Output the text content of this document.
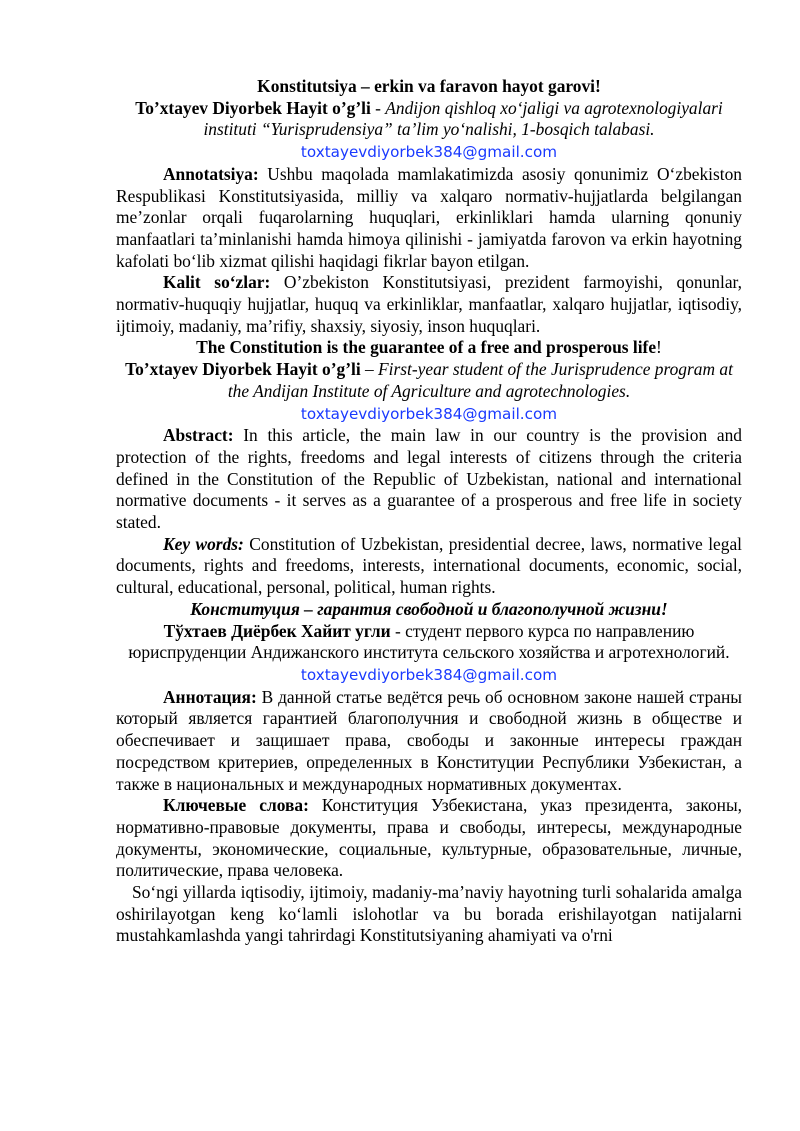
Konstitutsiya – erkin va faravon hayot garovi!

To’xtayev Diyorbek Hayit o’g’li - Andijon qishloq xo‘jaligi va agrotexnologiyalari instituti “Yurisprudensiya” ta’lim yo‘nalishi, 1-bosqich talabasi.

toxtayevdiyorbek384@gmail.com

Annotatsiya: Ushbu maqolada mamlakatimizda asosiy qonunimiz O‘zbekiston Respublikasi Konstitutsiyasida, milliy va xalqaro normativ-hujjatlarda belgilangan me’zonlar orqali fuqarolarning huquqlari, erkinliklari hamda ularning qonuniy manfaatlari ta’minlanishi hamda himoya qilinishi - jamiyatda farovon va erkin hayotning kafolati bo‘lib xizmat qilishi haqidagi fikrlar bayon etilgan.

Kalit so‘zlar: O’zbekiston Konstitutsiyasi, prezident farmoyishi, qonunlar, normativ-huquqiy hujjatlar, huquq va erkinliklar, manfaatlar, xalqaro hujjatlar, iqtisodiy, ijtimoiy, madaniy, ma’rifiy, shaxsiy, siyosiy, inson huquqlari.

The Constitution is the guarantee of a free and prosperous life!

To’xtayev Diyorbek Hayit o’g’li – First-year student of the Jurisprudence program at the Andijan Institute of Agriculture and agrotechnologies.

toxtayevdiyorbek384@gmail.com

Abstract: In this article, the main law in our country is the provision and protection of the rights, freedoms and legal interests of citizens through the criteria defined in the Constitution of the Republic of Uzbekistan, national and international normative documents - it serves as a guarantee of a prosperous and free life in society stated.

Key words: Constitution of Uzbekistan, presidential decree, laws, normative legal documents, rights and freedoms, interests, international documents, economic, social, cultural, educational, personal, political, human rights.

Конституция – гарантия свободной и благополучной жизни!

Тўхтаев Диёрбек Хайит угли - студент первого курса по направлению юриспруденции Андижанского института сельского хозяйства и агротехнологий.

toxtayevdiyorbek384@gmail.com

Аннотация: В данной статье ведётся речь об основном законе нашей страны который является гарантией благополучния и свободной жизнь в обществе и обеспечивает и защишает права, свободы и законные интересы граждан посредством критериев, определенных в Конституции Республики Узбекистан, а также в национальных и международных нормативных документах.

Ключевые слова: Конституция Узбекистана, указ президента, законы, нормативно-правовые документы, права и свободы, интересы, международные документы, экономические, социальные, культурные, образовательные, личные, политические, права человека.

So‘ngi yillarda iqtisodiy, ijtimoiy, madaniy-ma’naviy hayotning turli sohalarida amalga oshirilayotgan keng ko‘lamli islohotlar va bu borada erishilayotgan natijalarni mustahkamlashda yangi tahrirdagi Konstitutsiyaning ahamiyati va o'rni
